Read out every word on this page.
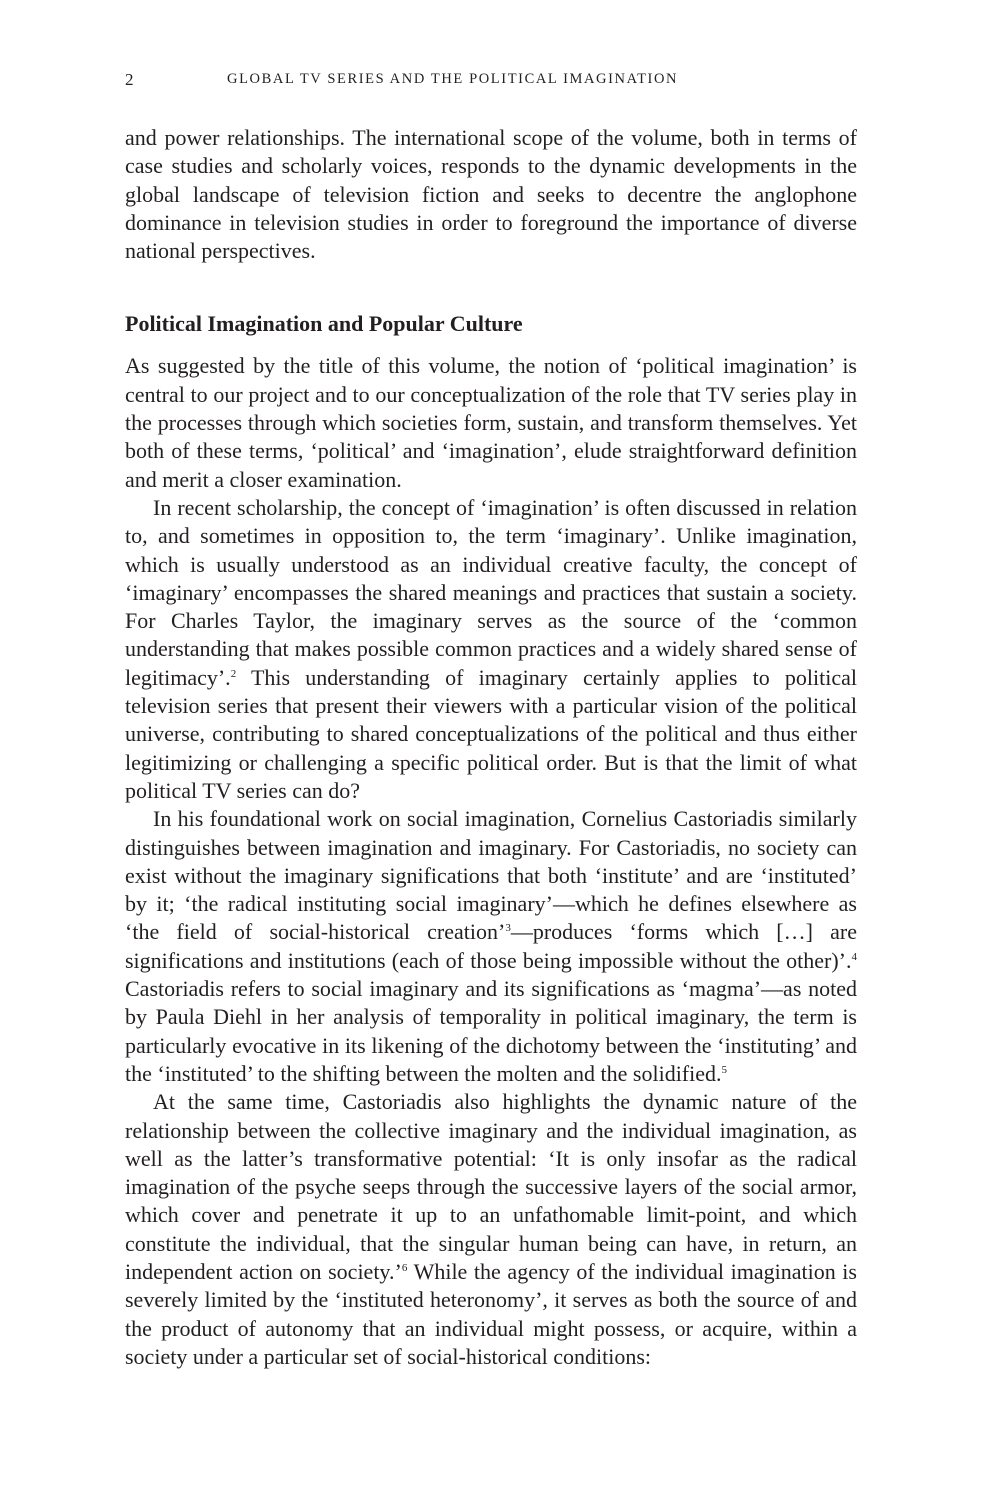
2	GLOBAL TV SERIES AND THE POLITICAL IMAGINATION

and power relationships. The international scope of the volume, both in terms of case studies and scholarly voices, responds to the dynamic developments in the global landscape of television fiction and seeks to decentre the anglophone dominance in television studies in order to foreground the importance of diverse national perspectives.

Political Imagination and Popular Culture

As suggested by the title of this volume, the notion of ‘political imagination’ is central to our project and to our conceptualization of the role that TV series play in the processes through which societies form, sustain, and transform themselves. Yet both of these terms, ‘political’ and ‘imagination’, elude straightforward definition and merit a closer examination.

In recent scholarship, the concept of ‘imagination’ is often discussed in relation to, and sometimes in opposition to, the term ‘imaginary’. Unlike imagination, which is usually understood as an individual creative faculty, the concept of ‘imaginary’ encompasses the shared meanings and practices that sustain a society. For Charles Taylor, the imaginary serves as the source of the ‘common understanding that makes possible common practices and a widely shared sense of legitimacy’.$^2$ This understanding of imaginary certainly applies to political television series that present their viewers with a particular vision of the political universe, contributing to shared conceptualizations of the political and thus either legitimizing or challenging a specific political order. But is that the limit of what political TV series can do?

In his foundational work on social imagination, Cornelius Castoriadis similarly distinguishes between imagination and imaginary. For Castoriadis, no society can exist without the imaginary significations that both ‘institute’ and are ‘instituted’ by it; ‘the radical instituting social imaginary’—which he defines elsewhere as ‘the field of social-historical creation’$^3$—produces ‘forms which […] are significations and institutions (each of those being impossible without the other)’.$^4$ Castoriadis refers to social imaginary and its significations as ‘magma’—as noted by Paula Diehl in her analysis of temporality in political imaginary, the term is particularly evocative in its likening of the dichotomy between the ‘instituting’ and the ‘instituted’ to the shifting between the molten and the solidified.$^5$

At the same time, Castoriadis also highlights the dynamic nature of the relationship between the collective imaginary and the individual imagination, as well as the latter’s transformative potential: ‘It is only insofar as the radical imagination of the psyche seeps through the successive layers of the social armor, which cover and penetrate it up to an unfathomable limit-point, and which constitute the individual, that the singular human being can have, in return, an independent action on society.’$^6$ While the agency of the individual imagination is severely limited by the ‘instituted heteronomy’, it serves as both the source of and the product of autonomy that an individual might possess, or acquire, within a society under a particular set of social-historical conditions:
